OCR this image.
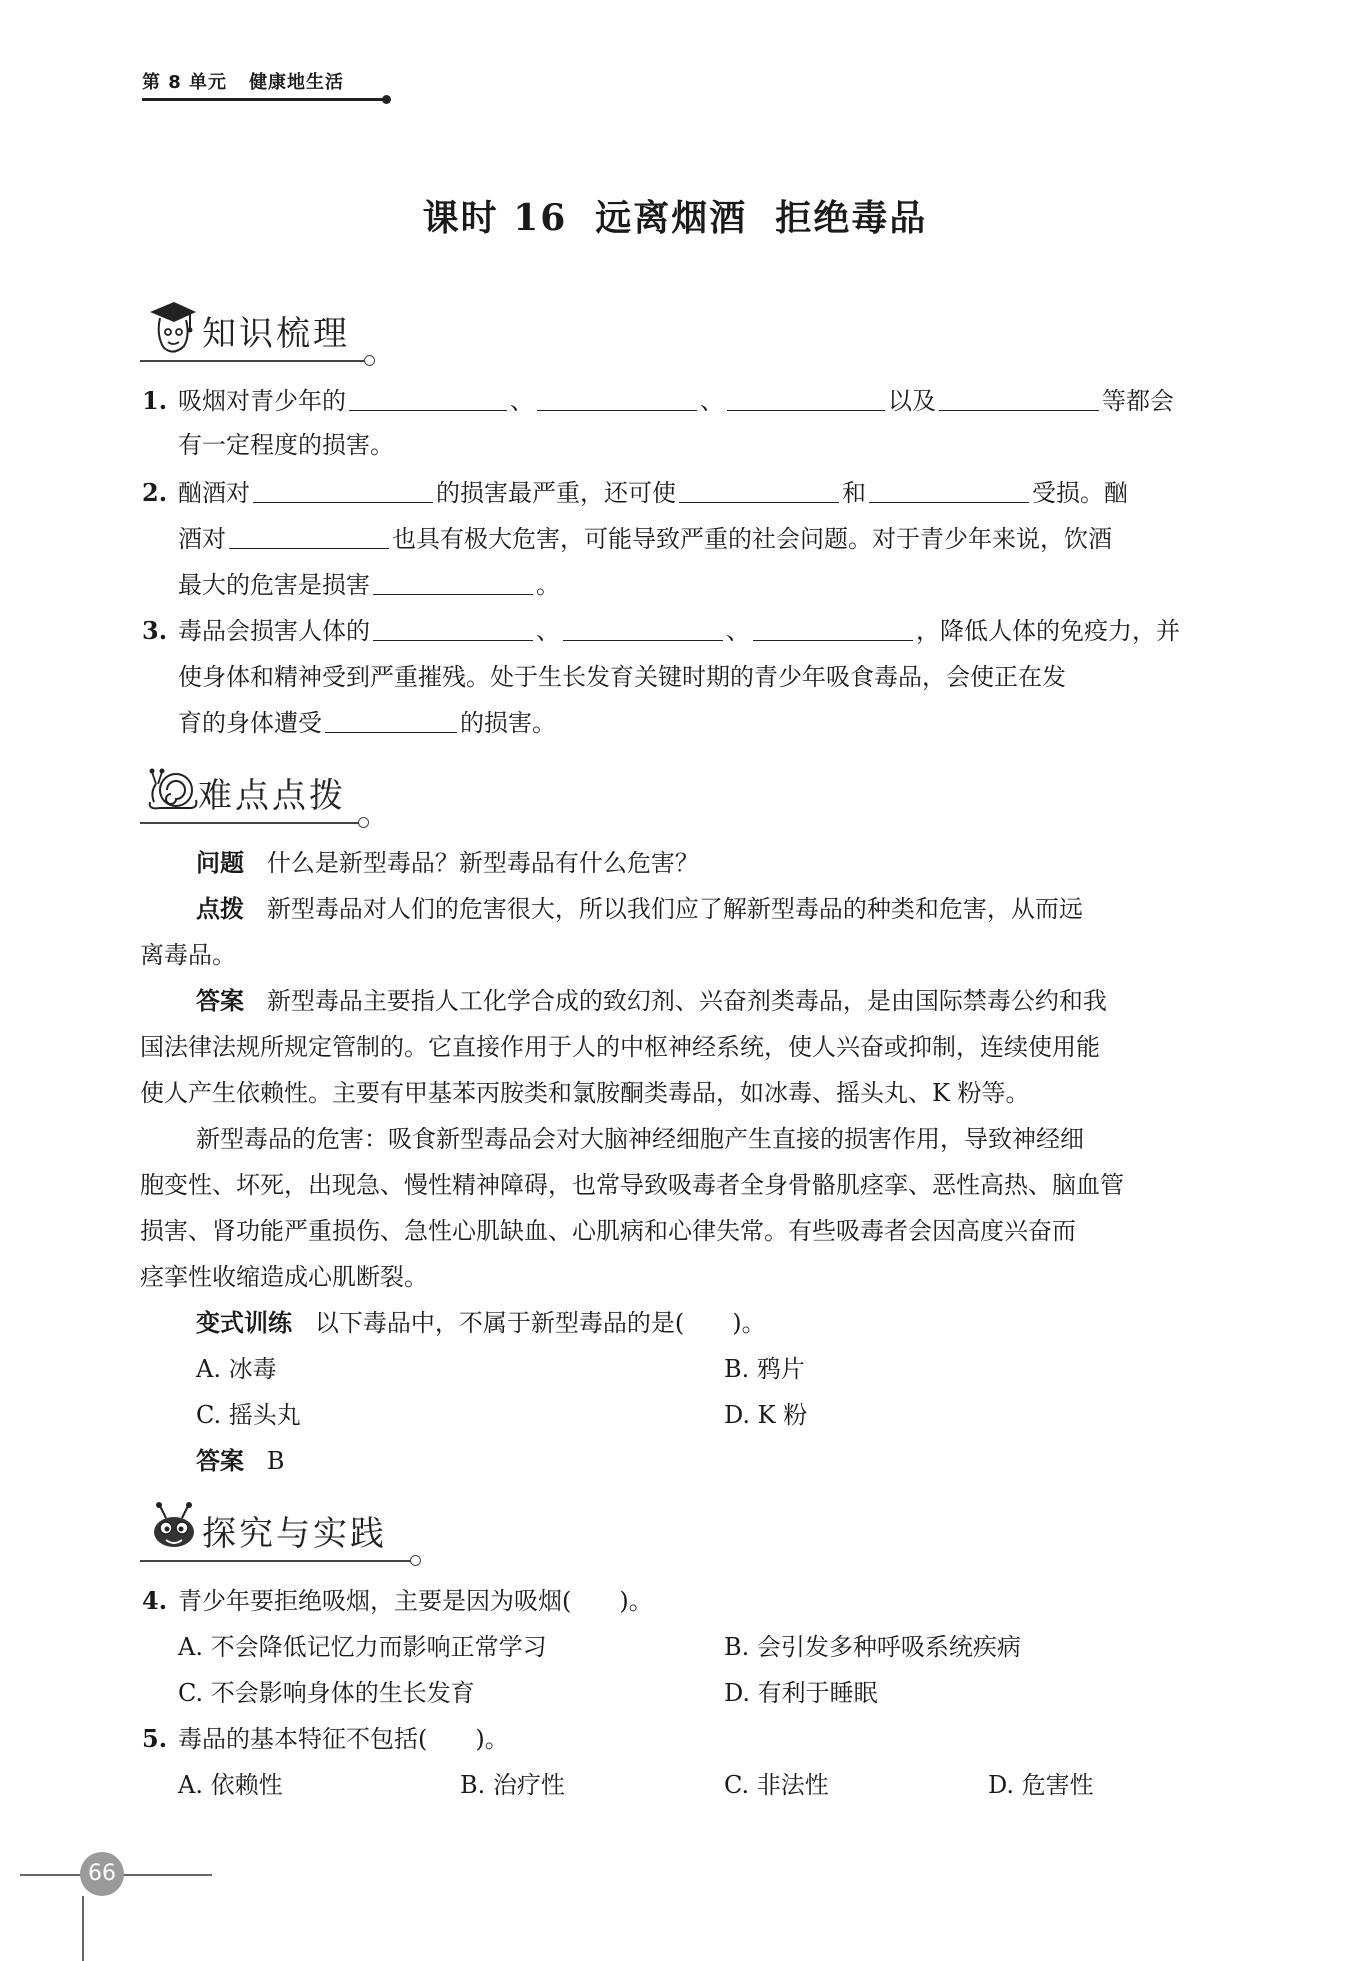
第 8 单元 健康地生活
课时 16 远离烟酒 拒绝毒品
知识梳理
1. 吸烟对青少年的	、	、	以及	等都会
有一定程度的损害。
2. 酗酒对	的损害最严重，还可使	和	受损。酗
酒对	也具有极大危害，可能导致严重的社会问题。对于青少年来说，饮酒
最大的危害是损害	。
3. 毒品会损害人体的	、	、	，降低人体的免疫力，并
使身体和精神受到严重摧残。处于生长发育关键时期的青少年吸食毒品，会使正在发
育的身体遭受	的损害。
难点点拨
问题 什么是新型毒品？新型毒品有什么危害？
点拨 新型毒品对人们的危害很大，所以我们应了解新型毒品的种类和危害，从而远
离毒品。
答案 新型毒品主要指人工化学合成的致幻剂、兴奋剂类毒品，是由国际禁毒公约和我
国法律法规所规定管制的。它直接作用于人的中枢神经系统，使人兴奋或抑制，连续使用能
使人产生依赖性。主要有甲基苯丙胺类和氯胺酮类毒品，如冰毒、摇头丸、K 粉等。
新型毒品的危害：吸食新型毒品会对大脑神经细胞产生直接的损害作用，导致神经细
胞变性、坏死，出现急、慢性精神障碍，也常导致吸毒者全身骨骼肌痉挛、恶性高热、脑血管
损害、肾功能严重损伤、急性心肌缺血、心肌病和心律失常。有些吸毒者会因高度兴奋而
痉挛性收缩造成心肌断裂。
变式训练 以下毒品中，不属于新型毒品的是(　　)。
A. 冰毒	B. 鸦片
C. 摇头丸	D. K 粉
答案 B
探究与实践
4. 青少年要拒绝吸烟，主要是因为吸烟(　　)。
A. 不会降低记忆力而影响正常学习	B. 会引发多种呼吸系统疾病
C. 不会影响身体的生长发育	D. 有利于睡眠
5. 毒品的基本特征不包括(　　)。
A. 依赖性	B. 治疗性	C. 非法性	D. 危害性
66
